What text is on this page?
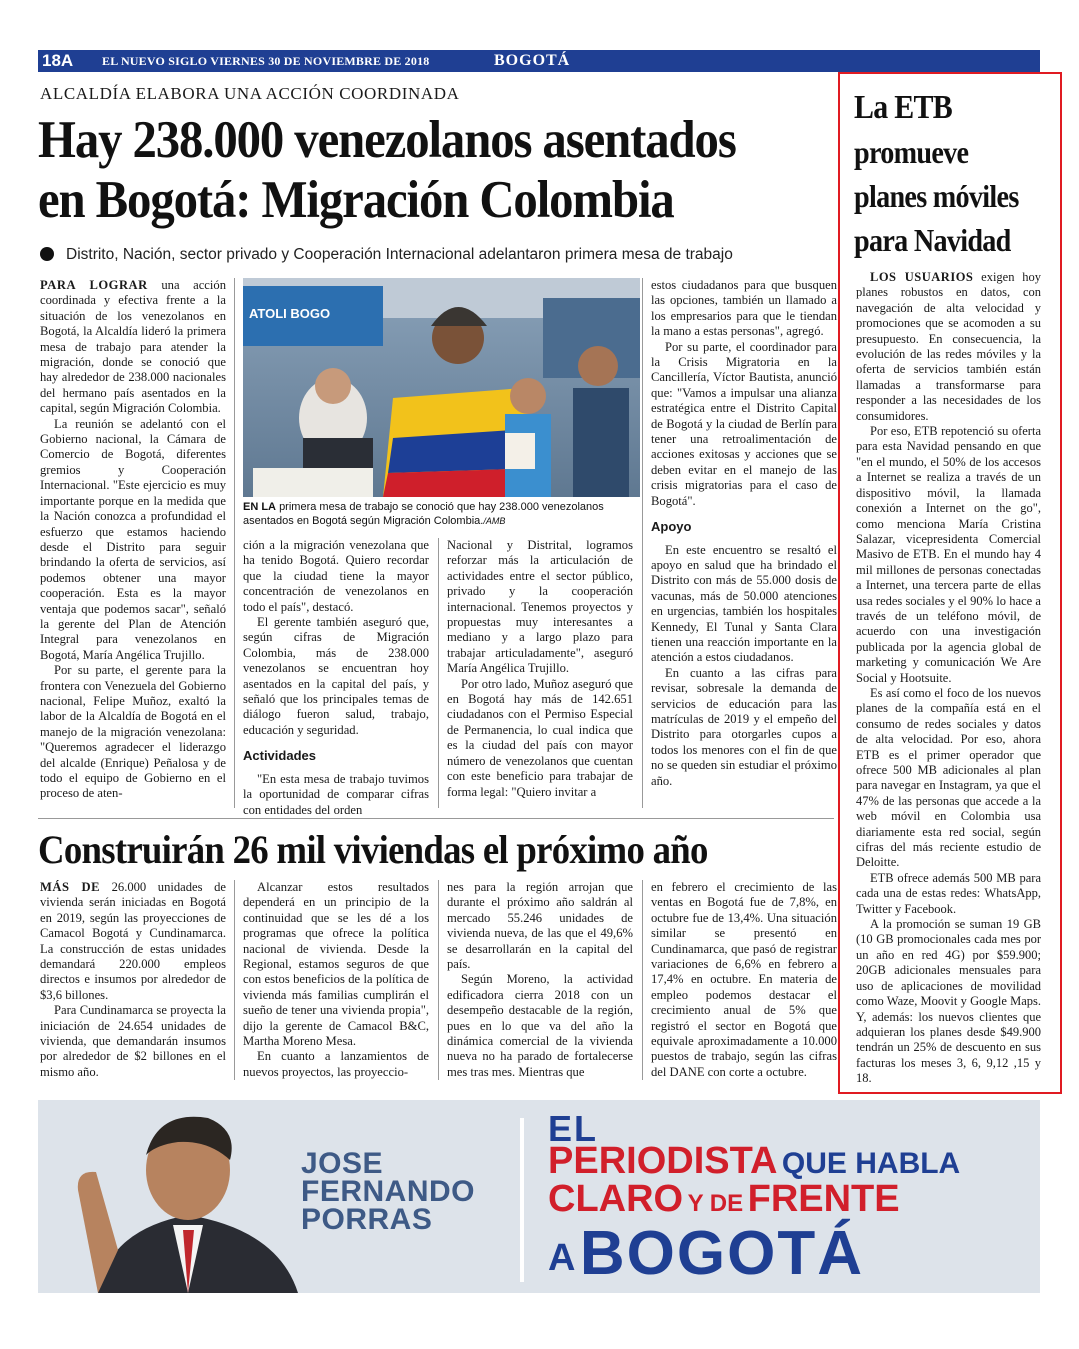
18A EL NUEVO SIGLO VIERNES 30 DE NOVIEMBRE DE 2018	BOGOTÁ
ALCALDÍA ELABORA UNA ACCIÓN COORDINADA
Hay 238.000 venezolanos asentados
en Bogotá: Migración Colombia
Distrito, Nación, sector privado y Cooperación Internacional adelantaron primera mesa de trabajo

PARA LOGRAR una acción coordinada y efectiva frente a la situación de los venezolanos en Bogotá, la Alcaldía lideró la primera mesa de trabajo para atender la migración, donde se conoció que hay alrededor de 238.000 nacionales del hermano país asentados en la capital, según Migración Colombia.

La reunión se adelantó con el Gobierno nacional, la Cámara de Comercio de Bogotá, diferentes gremios y Cooperación Internacional. "Este ejercicio es muy importante porque en la medida que la Nación conozca a profundidad el esfuerzo que estamos haciendo desde el Distrito para seguir brindando la oferta de servicios, así podemos obtener una mayor cooperación. Esta es la mayor ventaja que podemos sacar", señaló la gerente del Plan de Atención Integral para venezolanos en Bogotá, María Angélica Trujillo.

Por su parte, el gerente para la frontera con Venezuela del Gobierno nacional, Felipe Muñoz, exaltó la labor de la Alcaldía de Bogotá en el manejo de la migración venezolana: "Queremos agradecer el liderazgo del alcalde (Enrique) Peñalosa y de todo el equipo de Gobierno en el proceso de aten-

ATOLI BOGO
EN LA primera mesa de trabajo se conoció que hay 238.000 venezolanos asentados en Bogotá según Migración Colombia./AMB

ción a la migración venezolana que ha tenido Bogotá. Quiero recordar que la ciudad tiene la mayor concentración de venezolanos en todo el país", destacó.

El gerente también aseguró que, según cifras de Migración Colombia, más de 238.000 venezolanos se encuentran hoy asentados en la capital del país, y señaló que los principales temas de diálogo fueron salud, trabajo, educación y seguridad.

Actividades

"En esta mesa de trabajo tuvimos la oportunidad de comparar cifras con entidades del orden

Nacional y Distrital, logramos reforzar más la articulación de actividades entre el sector público, privado y la cooperación internacional. Tenemos proyectos y propuestas muy interesantes a mediano y a largo plazo para trabajar articuladamente", aseguró María Angélica Trujillo.

Por otro lado, Muñoz aseguró que en Bogotá hay más de 142.651 ciudadanos con el Permiso Especial de Permanencia, lo cual indica que es la ciudad del país con mayor número de venezolanos que cuentan con este beneficio para trabajar de forma legal: "Quiero invitar a

estos ciudadanos para que busquen las opciones, también un llamado a los empresarios para que le tiendan la mano a estas personas", agregó.

Por su parte, el coordinador para la Crisis Migratoria en la Cancillería, Víctor Bautista, anunció que: "Vamos a impulsar una alianza estratégica entre el Distrito Capital de Bogotá y la ciudad de Berlín para tener una retroalimentación de acciones exitosas y acciones que se deben evitar en el manejo de las crisis migratorias para el caso de Bogotá".

Apoyo

En este encuentro se resaltó el apoyo en salud que ha brindado el Distrito con más de 55.000 dosis de vacunas, más de 50.000 atenciones en urgencias, también los hospitales Kennedy, El Tunal y Santa Clara tienen una reacción importante en la atención a estos ciudadanos.

En cuanto a las cifras para revisar, sobresale la demanda de servicios de educación para las matrículas de 2019 y el empeño del Distrito para otorgarles cupos a todos los menores con el fin de que no se queden sin estudiar el próximo año.

Construirán 26 mil viviendas el próximo año

MÁS DE 26.000 unidades de vivienda serán iniciadas en Bogotá en 2019, según las proyecciones de Camacol Bogotá y Cundinamarca. La construcción de estas unidades demandará 220.000 empleos directos e insumos por alrededor de $3,6 billones.

Para Cundinamarca se proyecta la iniciación de 24.654 unidades de vivienda, que demandarán insumos por alrededor de $2 billones en el mismo año.

Alcanzar estos resultados dependerá en un principio de la continuidad que se les dé a los programas que ofrece la política nacional de vivienda. Desde la Regional, estamos seguros de que con estos beneficios de la política de vivienda más familias cumplirán el sueño de tener una vivienda propia", dijo la gerente de Camacol B&C, Martha Moreno Mesa.

En cuanto a lanzamientos de nuevos proyectos, las proyeccio-

nes para la región arrojan que durante el próximo año saldrán al mercado 55.246 unidades de vivienda nueva, de las que el 49,6% se desarrollarán en la capital del país.

Según Moreno, la actividad edificadora cierra 2018 con un desempeño destacable de la región, pues en lo que va del año la dinámica comercial de la vivienda nueva no ha parado de fortalecerse mes tras mes. Mientras que

en febrero el crecimiento de las ventas en Bogotá fue de 7,8%, en octubre fue de 13,4%. Una situación similar se presentó en Cundinamarca, que pasó de registrar variaciones de 6,6% en febrero a 17,4% en octubre. En materia de empleo podemos destacar el crecimiento anual de 5% que registró el sector en Bogotá que equivale aproximadamente a 10.000 puestos de trabajo, según las cifras del DANE con corte a octubre.

La ETB
promueve
planes móviles
para Navidad

LOS USUARIOS exigen hoy planes robustos en datos, con navegación de alta velocidad y promociones que se acomoden a su presupuesto. En consecuencia, la evolución de las redes móviles y la oferta de servicios también están llamadas a transformarse para responder a las necesidades de los consumidores.

Por eso, ETB repotenció su oferta para esta Navidad pensando en que "en el mundo, el 50% de los accesos a Internet se realiza a través de un dispositivo móvil, la llamada conexión a Internet on the go", como menciona María Cristina Salazar, vicepresidenta Comercial Masivo de ETB. En el mundo hay 4 mil millones de personas conectadas a Internet, una tercera parte de ellas usa redes sociales y el 90% lo hace a través de un teléfono móvil, de acuerdo con una investigación publicada por la agencia global de marketing y comunicación We Are Social y Hootsuite.

Es así como el foco de los nuevos planes de la compañía está en el consumo de redes sociales y datos de alta velocidad. Por eso, ahora ETB es el primer operador que ofrece 500 MB adicionales al plan para navegar en Instagram, ya que el 47% de las personas que accede a la web móvil en Colombia usa diariamente esta red social, según cifras del más reciente estudio de Deloitte.

ETB ofrece además 500 MB para cada una de estas redes: WhatsApp, Twitter y Facebook.

A la promoción se suman 19 GB (10 GB promocionales cada mes por un año en red 4G) por $59.900; 20GB adicionales mensuales para uso de aplicaciones de movilidad como Waze, Moovit y Google Maps. Y, además: los nuevos clientes que adquieran los planes desde $49.900 tendrán un 25% de descuento en sus facturas los meses 3, 6, 9,12 ,15 y 18.

JOSE
FERNANDO
PORRAS
EL
PERIODISTA QUE HABLA
CLARO Y DE FRENTE
A BOGOTÁ
